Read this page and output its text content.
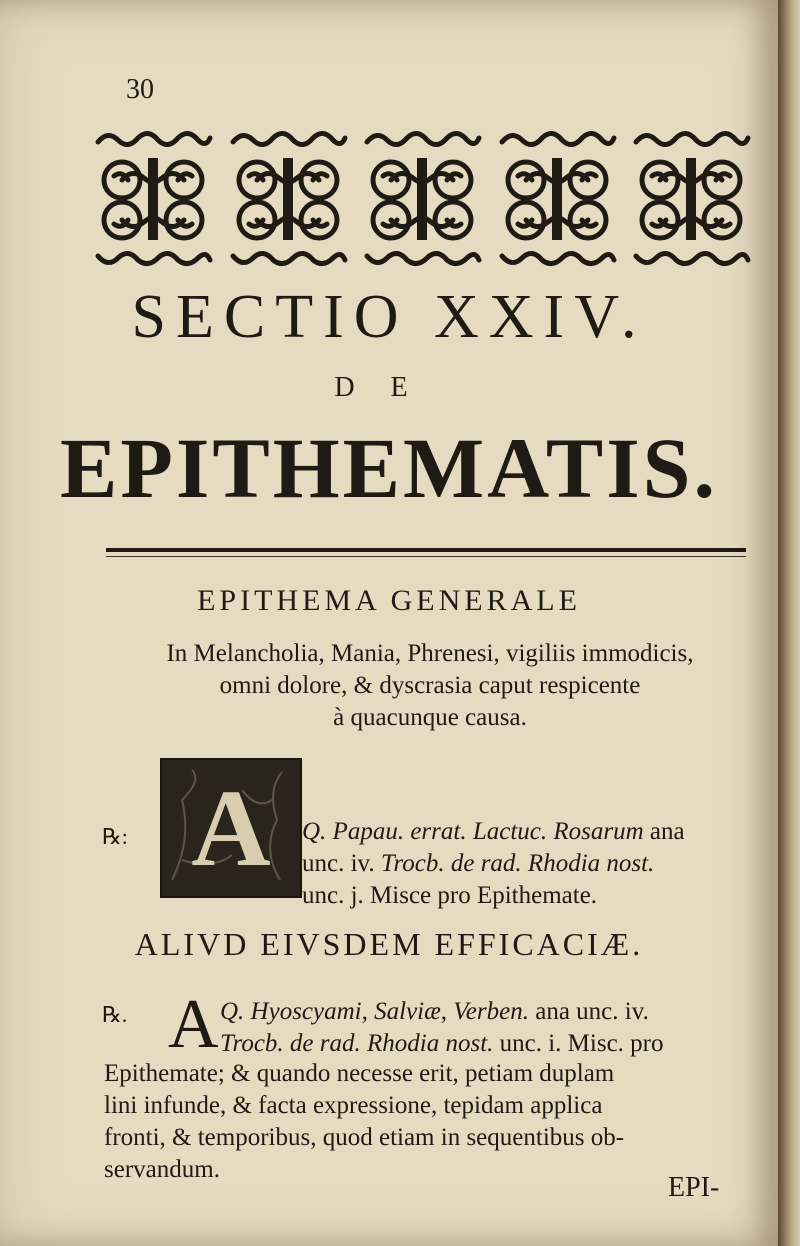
30
SECTIO XXIV.
DE
EPITHEMATIS.
EPITHEMA GENERALE
In Melancholia, Mania, Phrenesi, vigiliis immodicis,
omni dolore, & dyscrasia caput respicente
à quacunque causa.
℞: A	Q. Papau. errat. Lactuc. Rosarum ana
unc. iv. Trocb. de rad. Rhodia nost.
unc. j. Misce pro Epithemate.
ALIVD EIVSDEM EFFICACIÆ.
℞. A Q. Hyoscyami, Salviæ, Verben. ana unc. iv.
Trocb. de rad. Rhodia nost. unc. i. Misc. pro
Epithemate; & quando necesse erit, petiam duplam
lini infunde, & facta expressione, tepidam applica
fronti, & temporibus, quod etiam in sequentibus ob-
servandum.
EPI-
